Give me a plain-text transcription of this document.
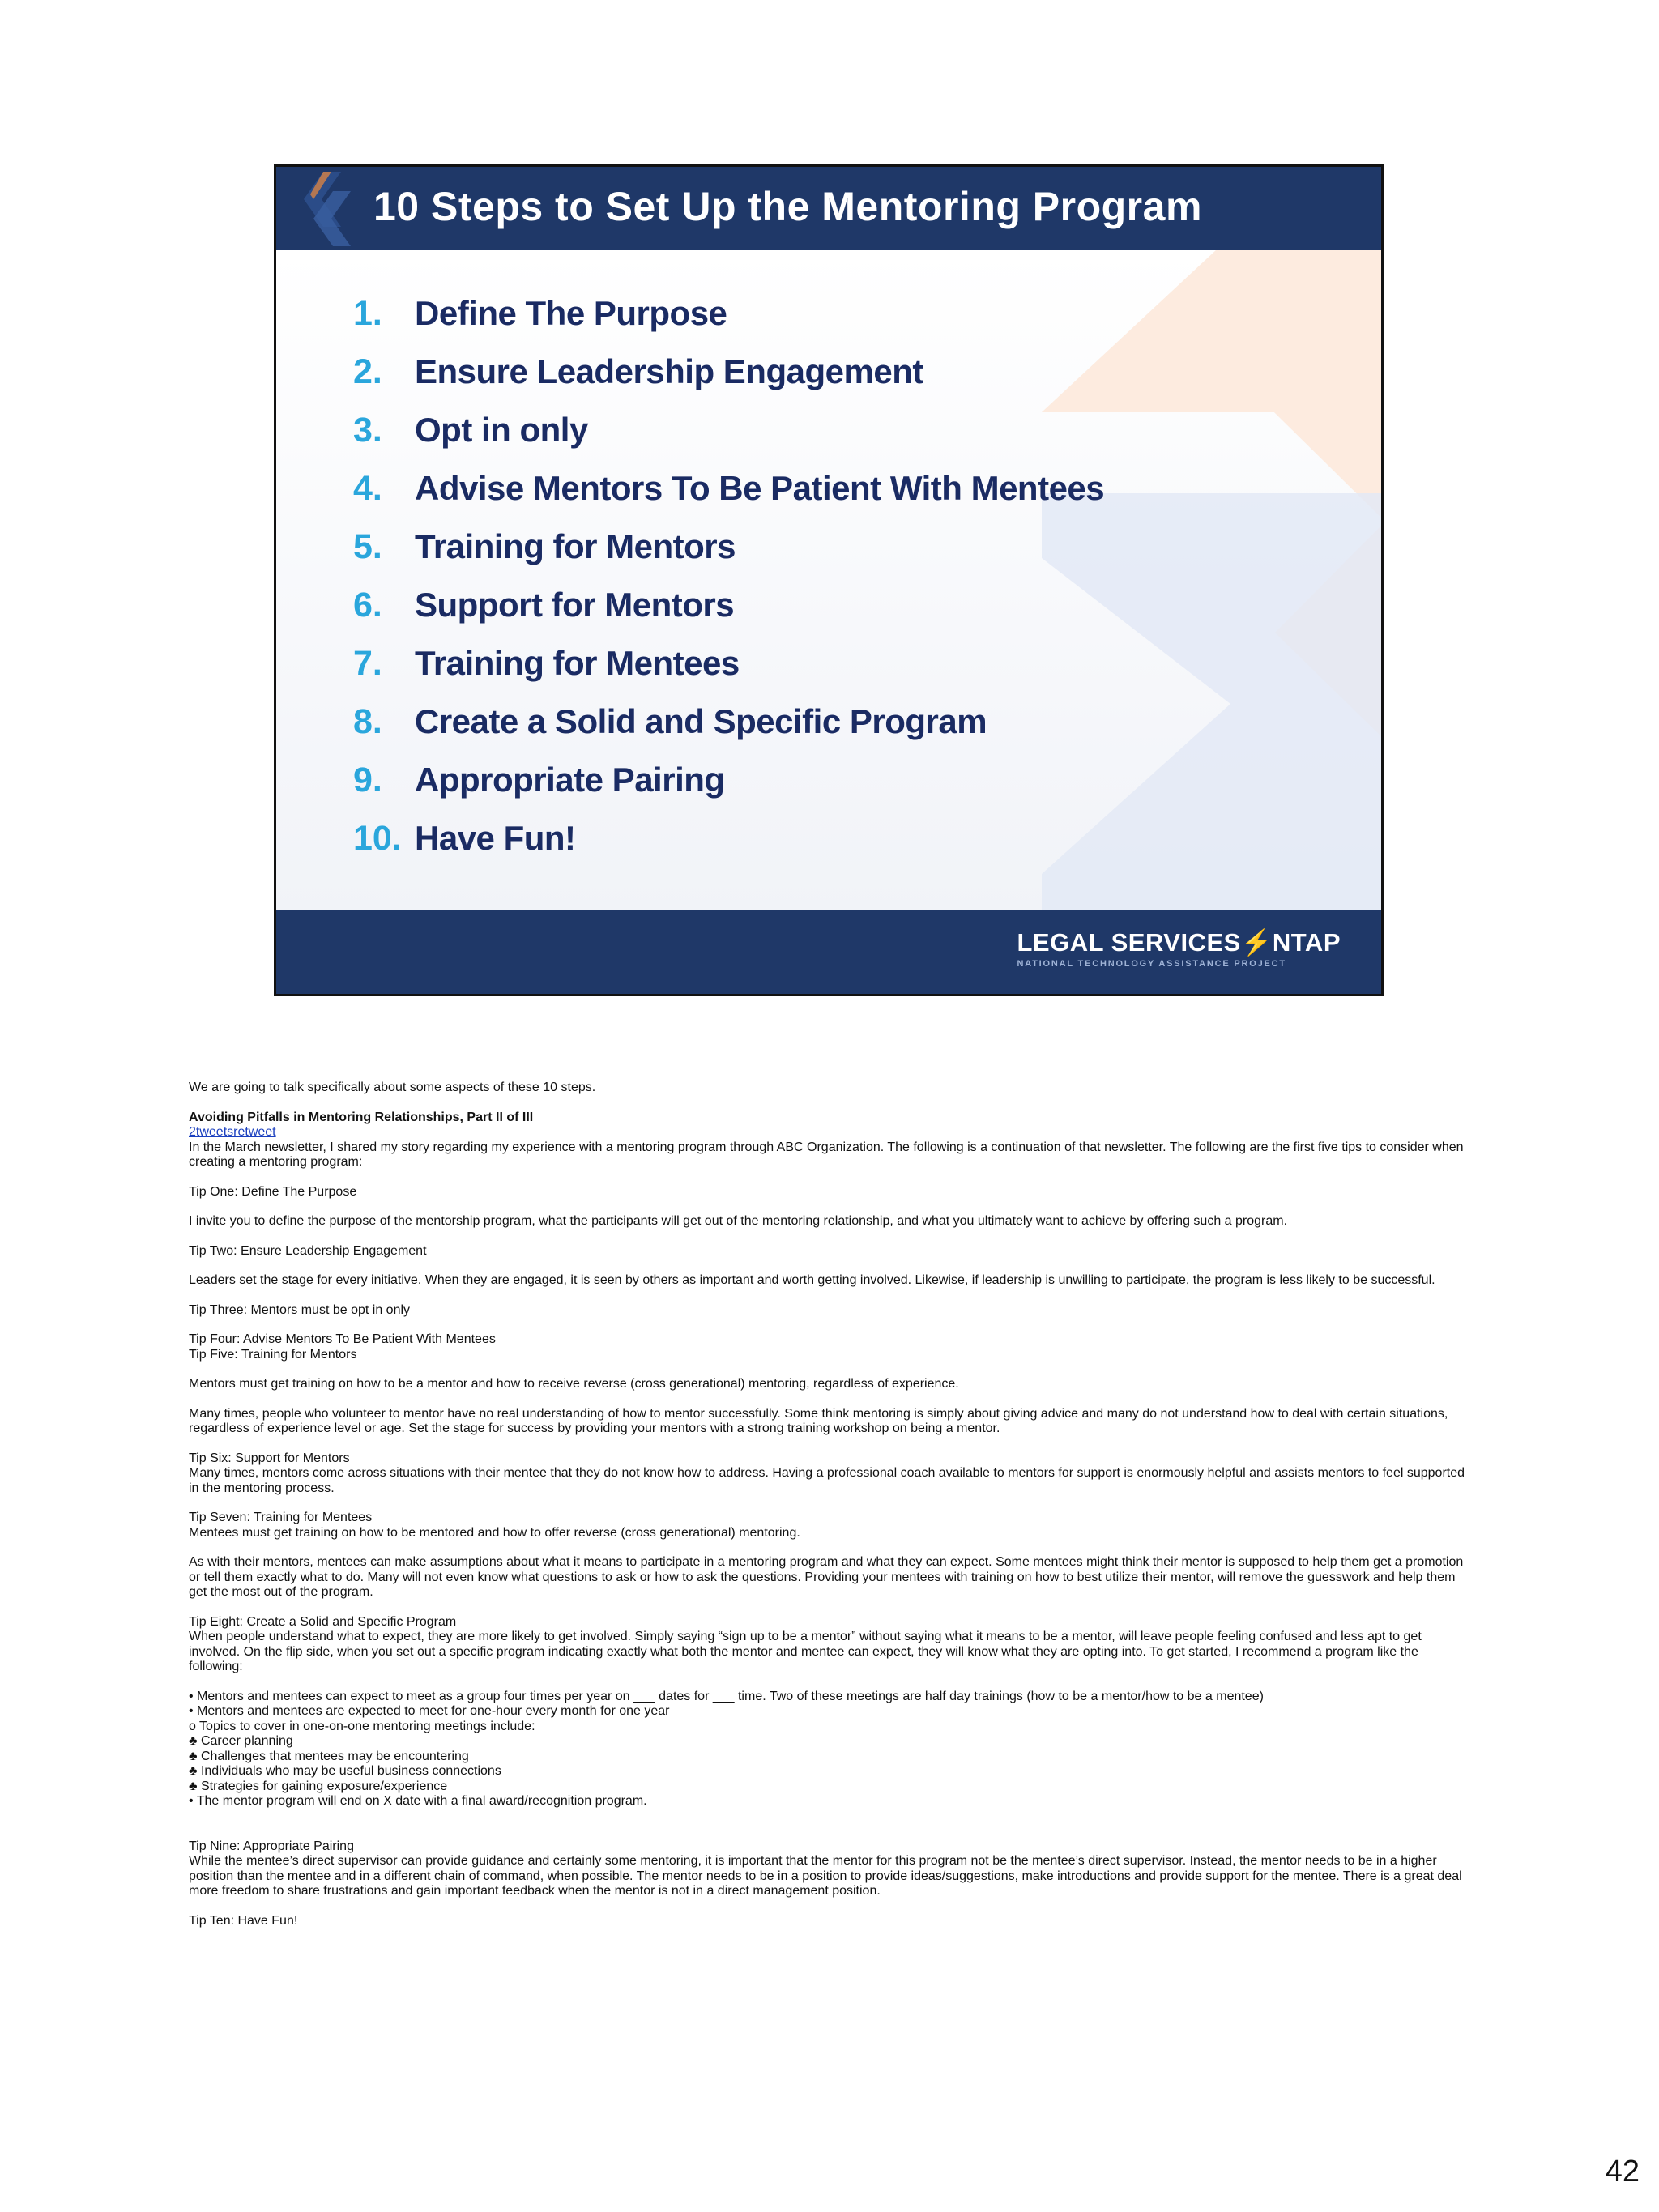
10 Steps to Set Up the Mentoring Program
1. Define The Purpose
2. Ensure Leadership Engagement
3. Opt in only
4. Advise Mentors To Be Patient With Mentees
5. Training for Mentors
6. Support for Mentors
7. Training for Mentees
8. Create a Solid and Specific Program
9. Appropriate Pairing
10. Have Fun!
LEGAL SERVICES⚡NTAP
NATIONAL TECHNOLOGY ASSISTANCE PROJECT

We are going to talk specifically about some aspects of these 10 steps.

Avoiding Pitfalls in Mentoring Relationships, Part II of III

2tweetsretweet

In the March newsletter, I shared my story regarding my experience with a mentoring program through ABC Organization. The following is a continuation of that newsletter. The following are the first five tips to consider when creating a mentoring program:

Tip One: Define The Purpose

I invite you to define the purpose of the mentorship program, what the participants will get out of the mentoring relationship, and what you ultimately want to achieve by offering such a program.

Tip Two: Ensure Leadership Engagement

Leaders set the stage for every initiative. When they are engaged, it is seen by others as important and worth getting involved. Likewise, if leadership is unwilling to participate, the program is less likely to be successful.

Tip Three: Mentors must be opt in only

Tip Four: Advise Mentors To Be Patient With Mentees

Tip Five: Training for Mentors

Mentors must get training on how to be a mentor and how to receive reverse (cross generational) mentoring, regardless of experience.

Many times, people who volunteer to mentor have no real understanding of how to mentor successfully. Some think mentoring is simply about giving advice and many do not understand how to deal with certain situations, regardless of experience level or age. Set the stage for success by providing your mentors with a strong training workshop on being a mentor.

Tip Six: Support for Mentors

Many times, mentors come across situations with their mentee that they do not know how to address. Having a professional coach available to mentors for support is enormously helpful and assists mentors to feel supported in the mentoring process.

Tip Seven: Training for Mentees

Mentees must get training on how to be mentored and how to offer reverse (cross generational) mentoring.

As with their mentors, mentees can make assumptions about what it means to participate in a mentoring program and what they can expect. Some mentees might think their mentor is supposed to help them get a promotion or tell them exactly what to do. Many will not even know what questions to ask or how to ask the questions. Providing your mentees with training on how to best utilize their mentor, will remove the guesswork and help them get the most out of the program.

Tip Eight: Create a Solid and Specific Program

When people understand what to expect, they are more likely to get involved. Simply saying “sign up to be a mentor” without saying what it means to be a mentor, will leave people feeling confused and less apt to get involved. On the flip side, when you set out a specific program indicating exactly what both the mentor and mentee can expect, they will know what they are opting into. To get started, I recommend a program like the following:

• Mentors and mentees can expect to meet as a group four times per year on ___ dates for ___ time. Two of these meetings are half day trainings (how to be a mentor/how to be a mentee)
• Mentors and mentees are expected to meet for one-hour every month for one year
o Topics to cover in one-on-one mentoring meetings include:
♣ Career planning
♣ Challenges that mentees may be encountering
♣ Individuals who may be useful business connections
♣ Strategies for gaining exposure/experience
• The mentor program will end on X date with a final award/recognition program.

Tip Nine: Appropriate Pairing

While the mentee’s direct supervisor can provide guidance and certainly some mentoring, it is important that the mentor for this program not be the mentee’s direct supervisor. Instead, the mentor needs to be in a higher position than the mentee and in a different chain of command, when possible. The mentor needs to be in a position to provide ideas/suggestions, make introductions and provide support for the mentee. There is a great deal more freedom to share frustrations and gain important feedback when the mentor is not in a direct management position.

Tip Ten: Have Fun!

42
